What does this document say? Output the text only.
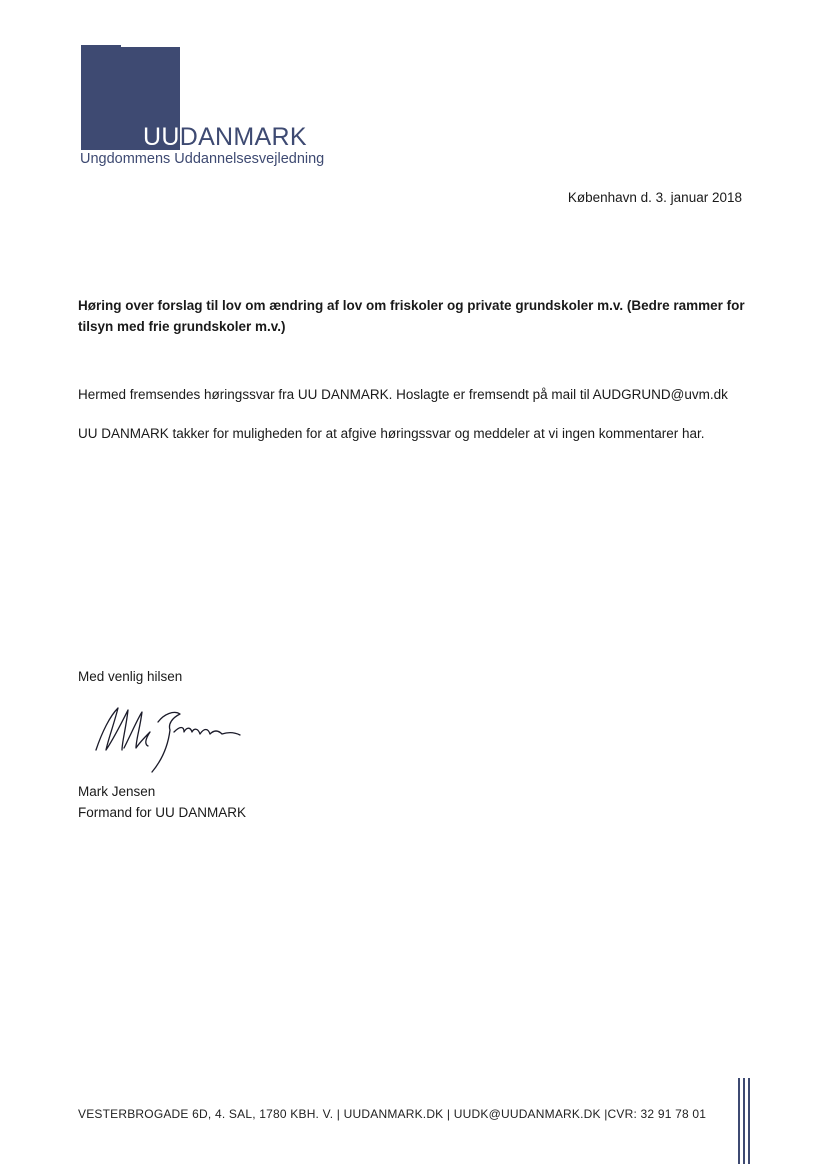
UUDANMARK
Ungdommens Uddannelsesvejledning
København d. 3. januar 2018
Høring over forslag til lov om ændring af lov om friskoler og private grundskoler m.v. (Bedre rammer for tilsyn med frie grundskoler m.v.)
Hermed fremsendes høringssvar fra UU DANMARK. Hoslagte er fremsendt på mail til AUDGRUND@uvm.dk
UU DANMARK takker for muligheden for at afgive høringssvar og meddeler at vi ingen kommentarer har.
Med venlig hilsen
Mark Jensen
Formand for UU DANMARK
VESTERBROGADE 6D, 4. SAL, 1780 KBH. V. | UUDANMARK.DK | UUDK@UUDANMARK.DK |CVR: 32 91 78 01
